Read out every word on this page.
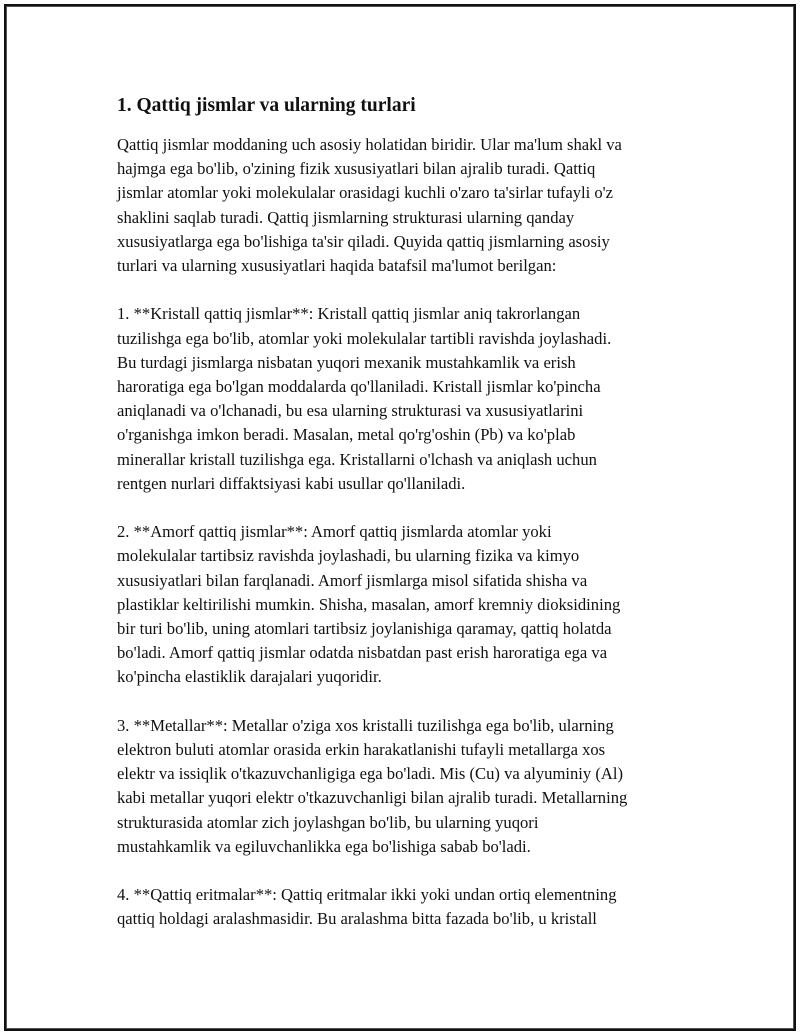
1. Qattiq jismlar va ularning turlari

Qattiq jismlar moddaning uch asosiy holatidan biridir. Ular ma'lum shakl va
hajmga ega bo'lib, o'zining fizik xususiyatlari bilan ajralib turadi. Qattiq
jismlar atomlar yoki molekulalar orasidagi kuchli o'zaro ta'sirlar tufayli o'z
shaklini saqlab turadi. Qattiq jismlarning strukturasi ularning qanday
xususiyatlarga ega bo'lishiga ta'sir qiladi. Quyida qattiq jismlarning asosiy
turlari va ularning xususiyatlari haqida batafsil ma'lumot berilgan:

1. **Kristall qattiq jismlar**: Kristall qattiq jismlar aniq takrorlangan
tuzilishga ega bo'lib, atomlar yoki molekulalar tartibli ravishda joylashadi.
Bu turdagi jismlarga nisbatan yuqori mexanik mustahkamlik va erish
haroratiga ega bo'lgan moddalarda qo'llaniladi. Kristall jismlar ko'pincha
aniqlanadi va o'lchanadi, bu esa ularning strukturasi va xususiyatlarini
o'rganishga imkon beradi. Masalan, metal qo'rg'oshin (Pb) va ko'plab
minerallar kristall tuzilishga ega. Kristallarni o'lchash va aniqlash uchun
rentgen nurlari diffaktsiyasi kabi usullar qo'llaniladi.

2. **Amorf qattiq jismlar**: Amorf qattiq jismlarda atomlar yoki
molekulalar tartibsiz ravishda joylashadi, bu ularning fizika va kimyo
xususiyatlari bilan farqlanadi. Amorf jismlarga misol sifatida shisha va
plastiklar keltirilishi mumkin. Shisha, masalan, amorf kremniy dioksidining
bir turi bo'lib, uning atomlari tartibsiz joylanishiga qaramay, qattiq holatda
bo'ladi. Amorf qattiq jismlar odatda nisbatdan past erish haroratiga ega va
ko'pincha elastiklik darajalari yuqoridir.

3. **Metallar**: Metallar o'ziga xos kristalli tuzilishga ega bo'lib, ularning
elektron buluti atomlar orasida erkin harakatlanishi tufayli metallarga xos
elektr va issiqlik o'tkazuvchanligiga ega bo'ladi. Mis (Cu) va alyuminiy (Al)
kabi metallar yuqori elektr o'tkazuvchanligi bilan ajralib turadi. Metallarning
strukturasida atomlar zich joylashgan bo'lib, bu ularning yuqori
mustahkamlik va egiluvchanlikka ega bo'lishiga sabab bo'ladi.

4. **Qattiq eritmalar**: Qattiq eritmalar ikki yoki undan ortiq elementning
qattiq holdagi aralashmasidir. Bu aralashma bitta fazada bo'lib, u kristall
